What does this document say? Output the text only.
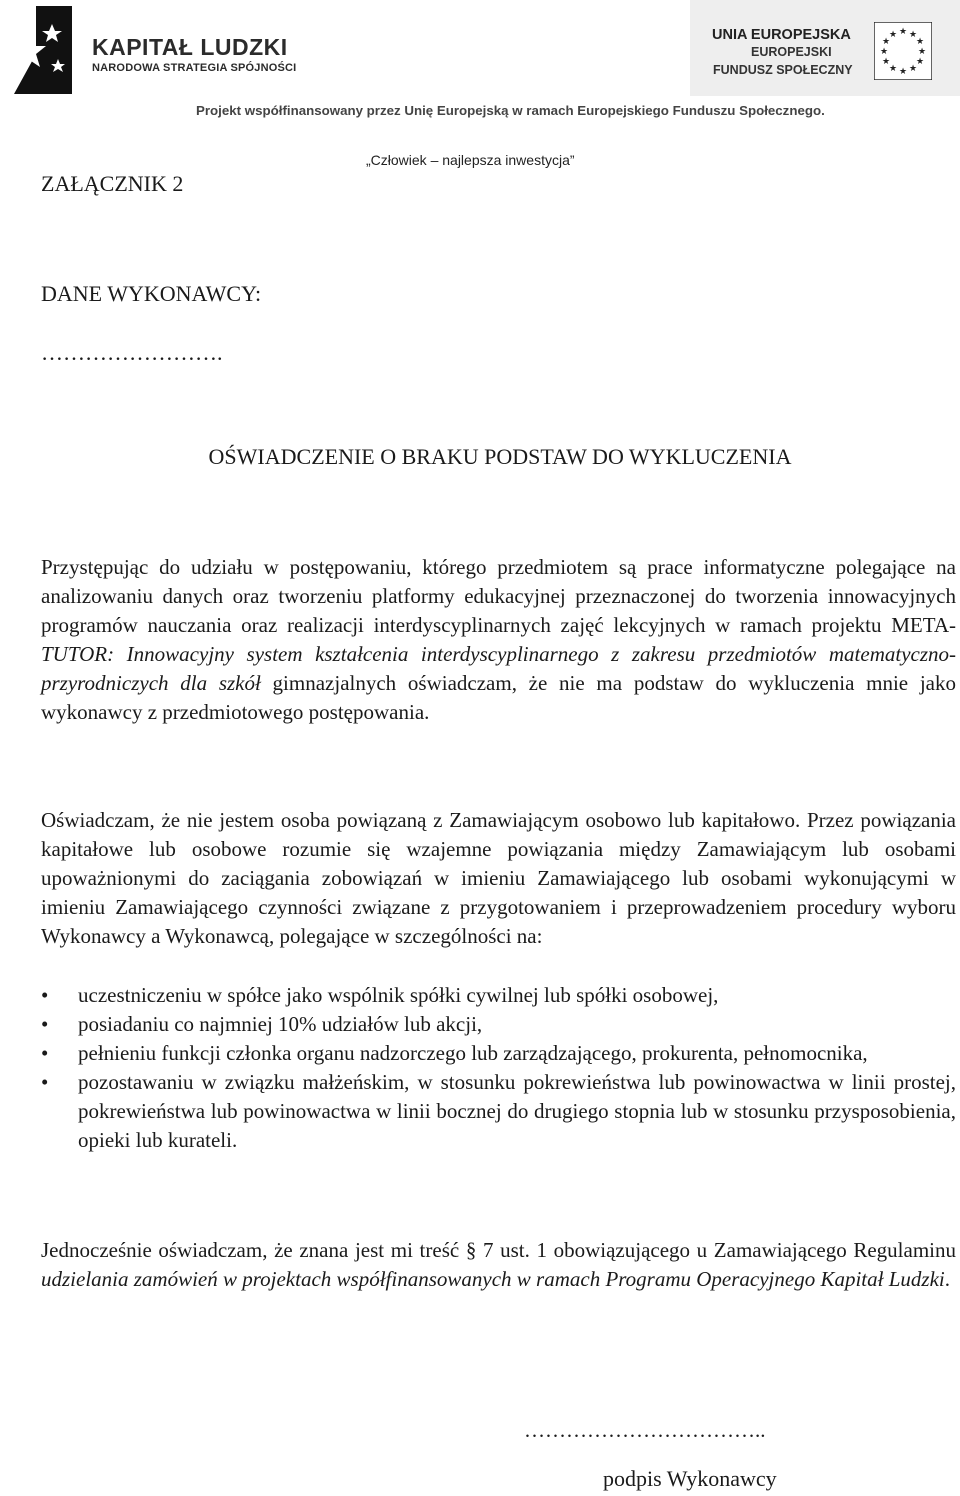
KAPITAŁ LUDZKI
NARODOWA STRATEGIA SPÓJNOŚCI
UNIA EUROPEJSKA
EUROPEJSKI
FUNDUSZ SPOŁECZNY
★ ★
★
★
★
★
★
★
★
★
★
★
Projekt współfinansowany przez Unię Europejską w ramach Europejskiego Funduszu Społecznego.
„Człowiek – najlepsza inwestycja”
ZAŁĄCZNIK 2
DANE WYKONAWCY:
…………………….
OŚWIADCZENIE O BRAKU PODSTAW DO WYKLUCZENIA
Przystępując do udziału w postępowaniu, którego przedmiotem są prace informatyczne polegające na analizowaniu danych oraz tworzeniu platformy edukacyjnej przeznaczonej do tworzenia innowacyjnych programów nauczania oraz realizacji interdyscyplinarnych zajęć lekcyjnych w ramach projektu META-TUTOR: Innowacyjny system kształcenia interdyscyplinarnego z zakresu przedmiotów matematyczno-przyrodniczych dla szkół gimnazjalnych oświadczam, że nie ma podstaw do wykluczenia mnie jako wykonawcy z przedmiotowego postępowania.
Oświadczam, że nie jestem osoba powiązaną z Zamawiającym osobowo lub kapitałowo. Przez powiązania kapitałowe lub osobowe rozumie się wzajemne powiązania między Zamawiającym lub osobami upoważnionymi do zaciągania zobowiązań w imieniu Zamawiającego lub osobami wykonującymi w imieniu Zamawiającego czynności związane z przygotowaniem i przeprowadzeniem procedury wyboru Wykonawcy a Wykonawcą, polegające w szczególności na:
• uczestniczeniu w spółce jako wspólnik spółki cywilnej lub spółki osobowej,
• posiadaniu co najmniej 10% udziałów lub akcji,
• pełnieniu funkcji członka organu nadzorczego lub zarządzającego, prokurenta, pełnomocnika,
• pozostawaniu w związku małżeńskim, w stosunku pokrewieństwa lub powinowactwa w linii prostej, pokrewieństwa lub powinowactwa w linii bocznej do drugiego stopnia lub w stosunku przysposobienia, opieki lub kurateli.
Jednocześnie oświadczam, że znana jest mi treść § 7 ust. 1 obowiązującego u Zamawiającego Regulaminu udzielania zamówień w projektach współfinansowanych w ramach Programu Operacyjnego Kapitał Ludzki.
……………………………..
podpis Wykonawcy
